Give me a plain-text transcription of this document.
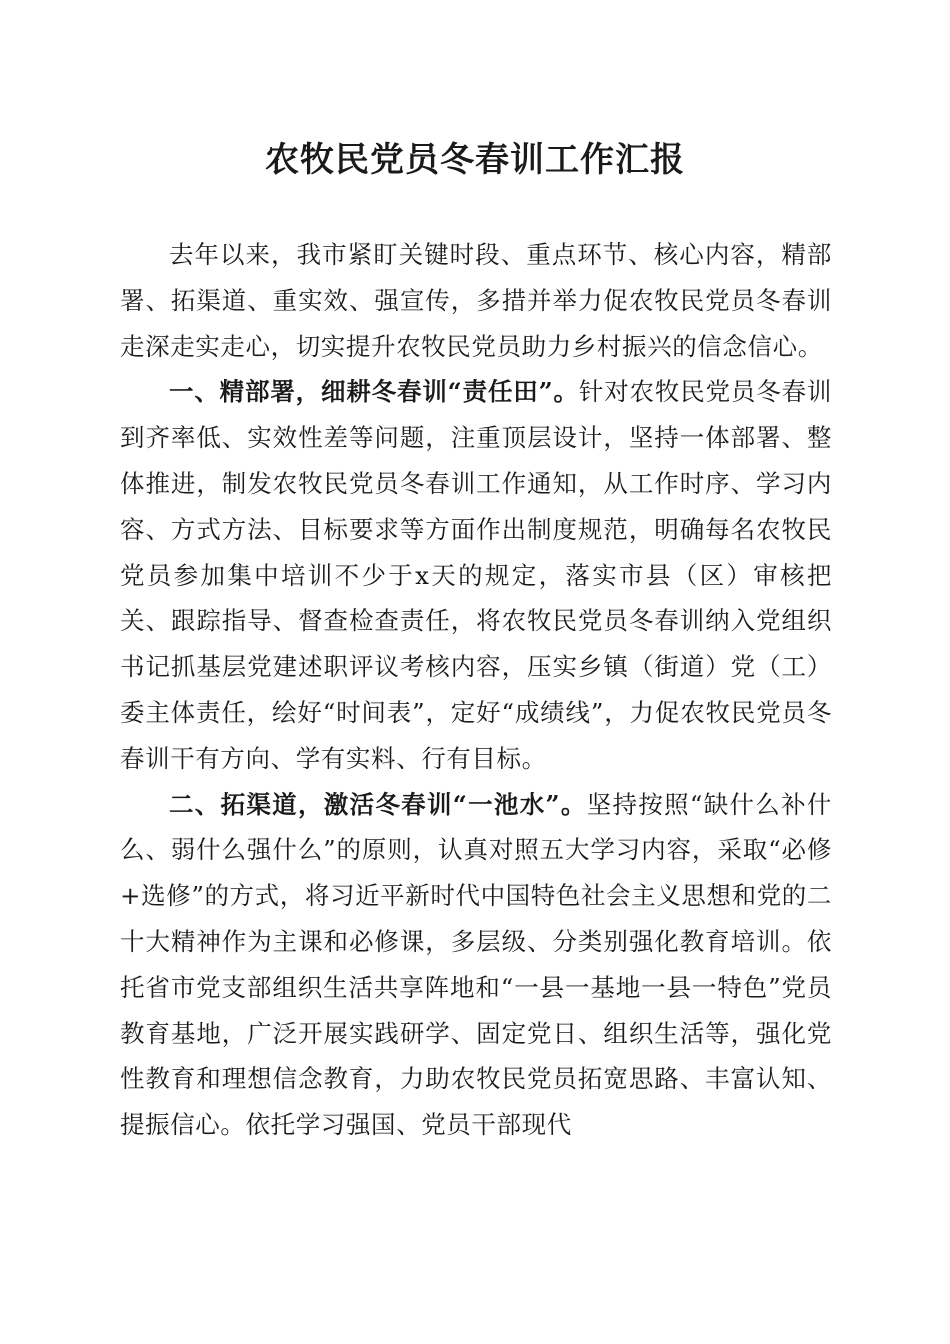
农牧民党员冬春训工作汇报

去年以来，我市紧盯关键时段、重点环节、核心内容，精部署、拓渠道、重实效、强宣传，多措并举力促农牧民党员冬春训走深走实走心，切实提升农牧民党员助力乡村振兴的信念信心。

一、精部署，细耕冬春训“责任田”。针对农牧民党员冬春训到齐率低、实效性差等问题，注重顶层设计，坚持一体部署、整体推进，制发农牧民党员冬春训工作通知，从工作时序、学习内容、方式方法、目标要求等方面作出制度规范，明确每名农牧民党员参加集中培训不少于x天的规定，落实市县（区）审核把关、跟踪指导、督查检查责任，将农牧民党员冬春训纳入党组织书记抓基层党建述职评议考核内容，压实乡镇（街道）党（工）委主体责任，绘好“时间表”，定好“成绩线”，力促农牧民党员冬春训干有方向、学有实料、行有目标。

二、拓渠道，激活冬春训“一池水”。坚持按照“缺什么补什么、弱什么强什么”的原则，认真对照五大学习内容，采取“必修+选修”的方式，将习近平新时代中国特色社会主义思想和党的二十大精神作为主课和必修课，多层级、分类别强化教育培训。依托省市党支部组织生活共享阵地和“一县一基地一县一特色”党员教育基地，广泛开展实践研学、固定党日、组织生活等，强化党性教育和理想信念教育，力助农牧民党员拓宽思路、丰富认知、提振信心。依托学习强国、党员干部现代
